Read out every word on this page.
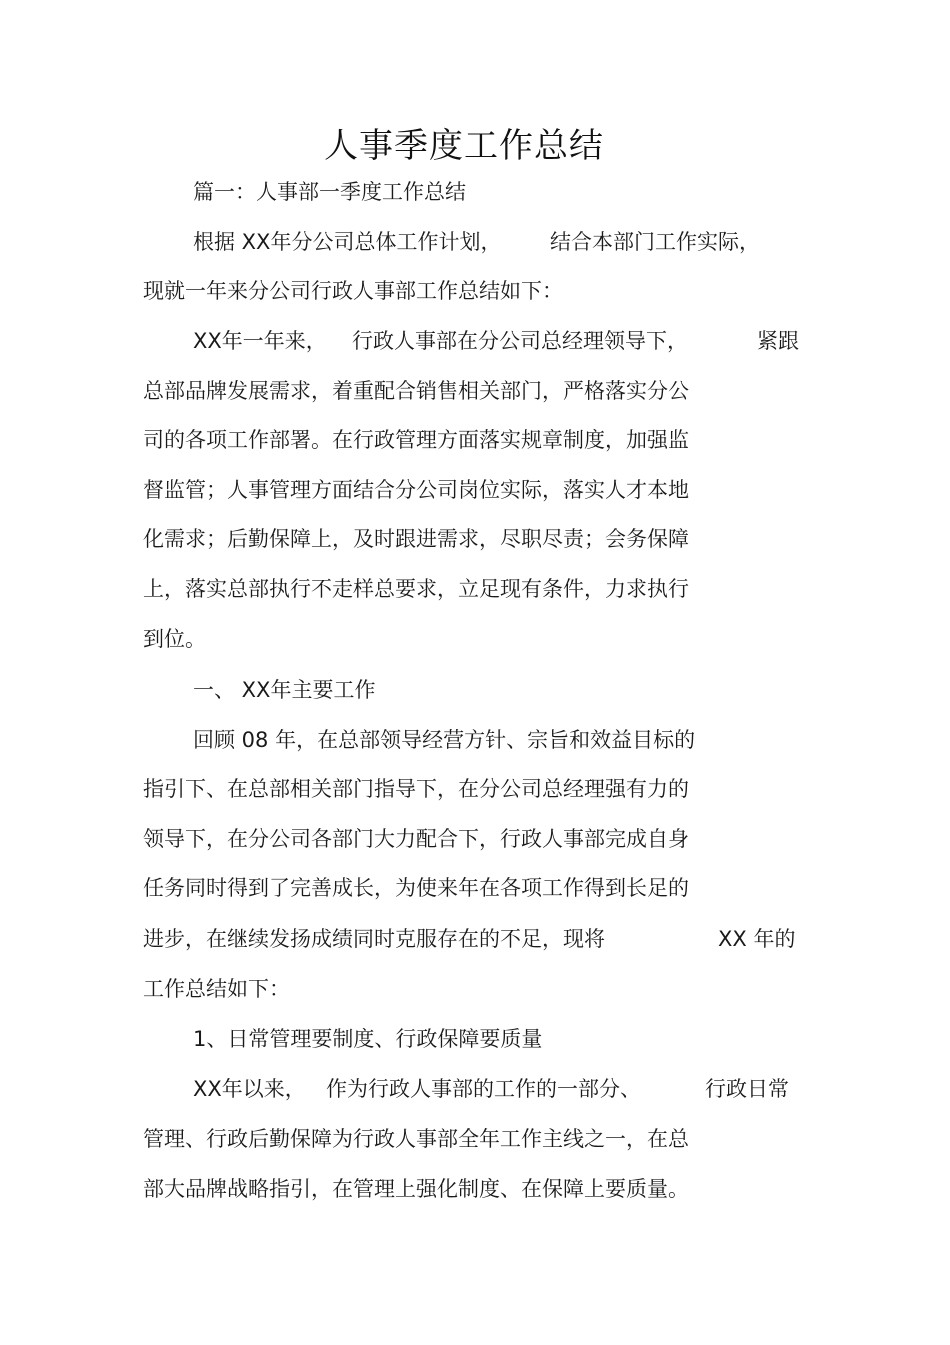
人事季度工作总结
篇一：人事部一季度工作总结
根据 XX年分公司总体工作计划， 结合本部门工作实际，
现就一年来分公司行政人事部工作总结如下：
XX年一年来， 行政人事部在分公司总经理领导下，	紧跟
总部品牌发展需求，着重配合销售相关部门，严格落实分公
司的各项工作部署。在行政管理方面落实规章制度，加强监
督监管；人事管理方面结合分公司岗位实际，落实人才本地
化需求；后勤保障上，及时跟进需求，尽职尽责；会务保障
上，落实总部执行不走样总要求，立足现有条件，力求执行
到位。
一、 XX年主要工作
回顾 08 年，在总部领导经营方针、宗旨和效益目标的
指引下、在总部相关部门指导下，在分公司总经理强有力的
领导下，在分公司各部门大力配合下，行政人事部完成自身
任务同时得到了完善成长，为使来年在各项工作得到长足的
进步，在继续发扬成绩同时克服存在的不足，现将	XX 年的
工作总结如下：
1、日常管理要制度、行政保障要质量
XX年以来， 作为行政人事部的工作的一部分、	行政日常
管理、行政后勤保障为行政人事部全年工作主线之一，在总
部大品牌战略指引，在管理上强化制度、在保障上要质量。
